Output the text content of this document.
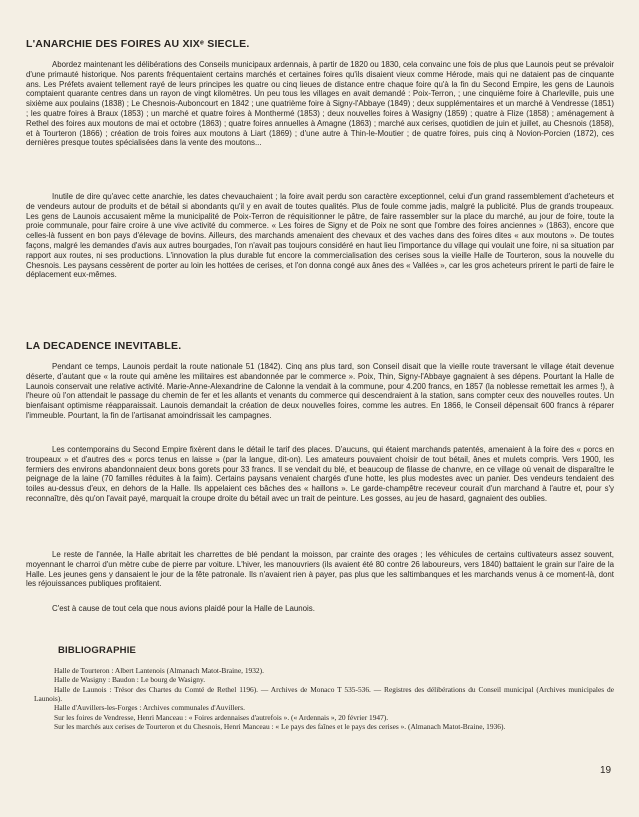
L'ANARCHIE DES FOIRES AU XIXᵉ SIECLE.

Abordez maintenant les délibérations des Conseils municipaux ardennais, à partir de 1820 ou 1830, cela convainc une fois de plus que Launois peut se prévaloir d'une primauté historique. Nos parents fréquentaient certains marchés et certaines foires qu'ils disaient vieux comme Hérode, mais qui ne dataient pas de cinquante ans. Les Préfets avaient tellement rayé de leurs principes les quatre ou cinq lieues de distance entre chaque foire qu'à la fin du Second Empire, les gens de Launois comptaient quarante centres dans un rayon de vingt kilomètres. Un peu tous les villages en avait demandé : Poix-Terron, ; une cinquième foire à Charleville, puis une sixième aux poulains (1838) ; Le Chesnois-Auboncourt en 1842 ; une quatrième foire à Signy-l'Abbaye (1849) ; deux supplémentaires et un marché à Vendresse (1851) ; les quatre foires à Braux (1853) ; un marché et quatre foires à Monthermé (1853) ; deux nouvelles foires à Wasigny (1859) ; quatre à Flize (1858) ; aménagement à Rethel des foires aux moutons de mai et octobre (1863) ; quatre foires annuelles à Amagne (1863) ; marché aux cerises, quotidien de juin et juillet, au Chesnois (1858), et à Tourteron (1866) ; création de trois foires aux moutons à Liart (1869) ; d'une autre à Thin-le-Moutier ; de quatre foires, puis cinq à Novion-Porcien (1872), ces dernières presque toutes spécialisées dans la vente des moutons...

Inutile de dire qu'avec cette anarchie, les dates chevauchaient ; la foire avait perdu son caractère exceptionnel, celui d'un grand rassemblement d'acheteurs et de vendeurs autour de produits et de bétail si abondants qu'il y en avait de toutes qualités. Plus de foule comme jadis, malgré la publicité. Plus de grands troupeaux. Les gens de Launois accusaient même la municipalité de Poix-Terron de réquisitionner le pâtre, de faire rassembler sur la place du marché, au jour de foire, toute la proie communale, pour faire croire à une vive activité du commerce. « Les foires de Signy et de Poix ne sont que l'ombre des foires anciennes » (1863), encore que celles-là fussent en bon pays d'élevage de bovins. Ailleurs, des marchands amenaient des chevaux et des vaches dans des foires dites « aux moutons ». De toutes façons, malgré les demandes d'avis aux autres bourgades, l'on n'avait pas toujours considéré en haut lieu l'importance du village qui voulait une foire, ni sa situation par rapport aux routes, ni ses productions. L'innovation la plus durable fut encore la commercialisation des cerises sous la vieille Halle de Tourteron, sous la nouvelle du Chesnois. Les paysans cessèrent de porter au loin les hottées de cerises, et l'on donna congé aux ânes des « Vallées », car les gros acheteurs prirent le parti de faire le déplacement eux-mêmes.

LA DECADENCE INEVITABLE.

Pendant ce temps, Launois perdait la route nationale 51 (1842). Cinq ans plus tard, son Conseil disait que la vieille route traversant le village était devenue déserte, d'autant que « la route qui amène les militaires est abandonnée par le commerce ». Poix, Thin, Signy-l'Abbaye gagnaient à ses dépens. Pourtant la Halle de Launois conservait une relative activité. Marie-Anne-Alexandrine de Calonne la vendait à la commune, pour 4.200 francs, en 1857 (la noblesse remettait les armes !), à l'heure où l'on attendait le passage du chemin de fer et les allants et venants du commerce qui descendraient à la station, sans compter ceux des nouvelles routes. Un bienfaisant optimisme réapparaissait. Launois demandait la création de deux nouvelles foires, comme les autres. En 1866, le Conseil dépensait 600 francs à réparer l'immeuble. Pourtant, la fin de l'artisanat amoindrissait les campagnes.

Les contemporains du Second Empire fixèrent dans le détail le tarif des places. D'aucuns, qui étaient marchands patentés, amenaient à la foire des « porcs en troupeaux » et d'autres des « porcs tenus en laisse » (par la langue, dit-on). Les amateurs pouvaient choisir de tout bétail, ânes et mulets compris. Vers 1900, les fermiers des environs abandonnaient deux bons gorets pour 33 francs. Il se vendait du blé, et beaucoup de filasse de chanvre, en ce village où venait de disparaître le peignage de la laine (70 familles réduites à la faim). Certains paysans venaient chargés d'une hotte, les plus modestes avec un panier. Des vendeurs tendaient des toiles au-dessus d'eux, en dehors de la Halle. Ils appelaient ces bâches des « haillons ». Le garde-champêtre receveur courait d'un marchand à l'autre et, pour s'y reconnaître, dès qu'on l'avait payé, marquait la croupe droite du bétail avec un trait de peinture. Les gosses, au jeu de hasard, gagnaient des oublies.

Le reste de l'année, la Halle abritait les charrettes de blé pendant la moisson, par crainte des orages ; les véhicules de certains cultivateurs assez souvent, moyennant le charroi d'un mètre cube de pierre par voiture. L'hiver, les manouvriers (ils avaient été 80 contre 26 laboureurs, vers 1840) battaient le grain sur l'aire de la Halle. Les jeunes gens y dansaient le jour de la fête patronale. Ils n'avaient rien à payer, pas plus que les saltimbanques et les marchands venus à ce moment-là, dont les réjouissances publiques profitaient.

C'est à cause de tout cela que nous avions plaidé pour la Halle de Launois.

BIBLIOGRAPHIE

Halle de Tourteron : Albert Lantenois (Almanach Matot-Braine, 1932).

Halle de Wasigny : Baudon : Le bourg de Wasigny.

Halle de Launois : Trésor des Chartes du Comté de Rethel 1196). — Archives de Monaco T 535-536. — Registres des délibérations du Conseil municipal (Archives municipales de Launois).

Halle d'Auvillers-les-Forges : Archives communales d'Auvillers.

Sur les foires de Vendresse, Henri Manceau : « Foires ardennaises d'autrefois ». (« Ardennais », 20 février 1947).

Sur les marchés aux cerises de Tourteron et du Chesnois, Henri Manceau : « Le pays des faînes et le pays des cerises ». (Almanach Matot-Braine, 1936).

19
